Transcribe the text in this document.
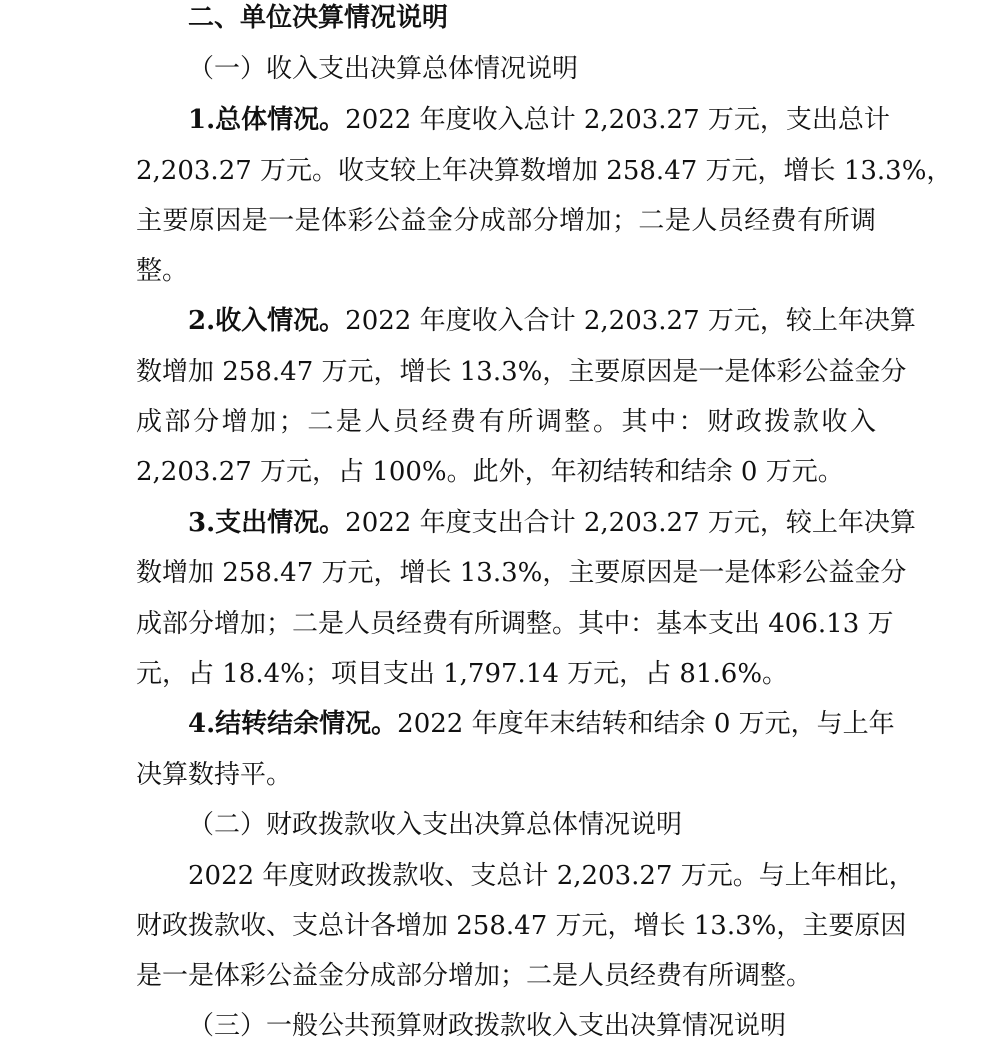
二、单位决算情况说明
（一）收入支出决算总体情况说明
1.总体情况。2022 年度收入总计 2,203.27 万元，支出总计
2,203.27 万元。收支较上年决算数增加 258.47 万元，增长 13.3%，
主要原因是一是体彩公益金分成部分增加；二是人员经费有所调
整。
2.收入情况。2022 年度收入合计 2,203.27 万元，较上年决算
数增加 258.47 万元，增长 13.3%，主要原因是一是体彩公益金分
成部分增加；二是人员经费有所调整。其中：财政拨款收入
2,203.27 万元，占 100%。此外，年初结转和结余 0 万元。
3.支出情况。2022 年度支出合计 2,203.27 万元，较上年决算
数增加 258.47 万元，增长 13.3%，主要原因是一是体彩公益金分
成部分增加；二是人员经费有所调整。其中：基本支出 406.13 万
元，占 18.4%；项目支出 1,797.14 万元，占 81.6%。
4.结转结余情况。2022 年度年末结转和结余 0 万元，与上年
决算数持平。
（二）财政拨款收入支出决算总体情况说明
2022 年度财政拨款收、支总计 2,203.27 万元。与上年相比，
财政拨款收、支总计各增加 258.47 万元，增长 13.3%，主要原因
是一是体彩公益金分成部分增加；二是人员经费有所调整。
（三）一般公共预算财政拨款收入支出决算情况说明
